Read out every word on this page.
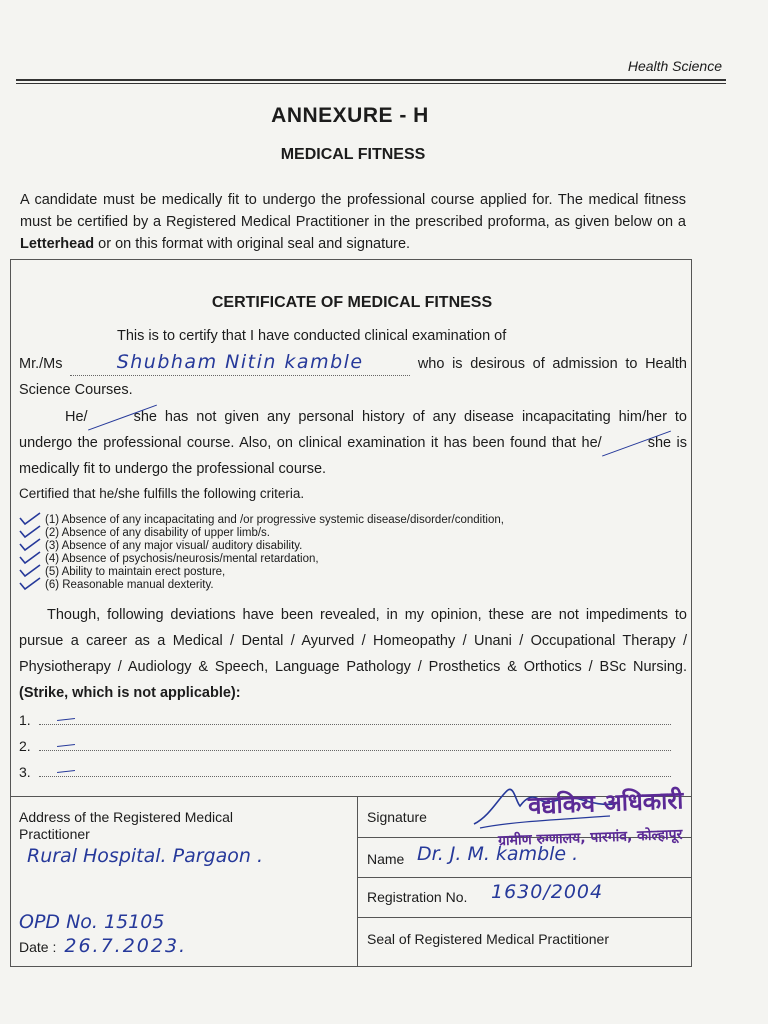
Health Science
ANNEXURE - H
MEDICAL FITNESS
A candidate must be medically fit to undergo the professional course applied for. The medical fitness must be certified by a Registered Medical Practitioner in the prescribed proforma, as given below on a Letterhead or on this format with original seal and signature.
CERTIFICATE OF MEDICAL FITNESS
This is to certify that I have conducted clinical examination of
Mr./Ms	Shubham Nitin kamble	who is desirous of admission to Health Science Courses.
He/	she has not given any personal history of any disease incapacitating him/her to undergo the professional course. Also, on clinical examination it has been found that he/	she is medically fit to undergo the professional course.
Certified that he/she fulfills the following criteria.
(1) Absence of any incapacitating and /or progressive systemic disease/disorder/condition,
(2) Absence of any disability of upper limb/s.
(3) Absence of any major visual/ auditory disability.
(4) Absence of psychosis/neurosis/mental retardation,
(5) Ability to maintain erect posture,
(6) Reasonable manual dexterity.
Though, following deviations have been revealed, in my opinion, these are not impediments to pursue a career as a Medical / Dental / Ayurved / Homeopathy / Unani / Occupational Therapy / Physiotherapy / Audiology & Speech, Language Pathology / Prosthetics & Orthotics / BSc Nursing. (Strike, which is not applicable):
1.
2.
3.
Address of the Registered Medical Practitioner
Rural Hospital. Pargaon .
OPD No. 15105
Date : 26.7.2023.
Signature
Name Dr. J. M. kamble .
Registration No. 1630/2004
Seal of Registered Medical Practitioner
वद्यकिय अधिकारी
ग्रामीण रुग्णालय, पारगांव, कोल्हापूर
